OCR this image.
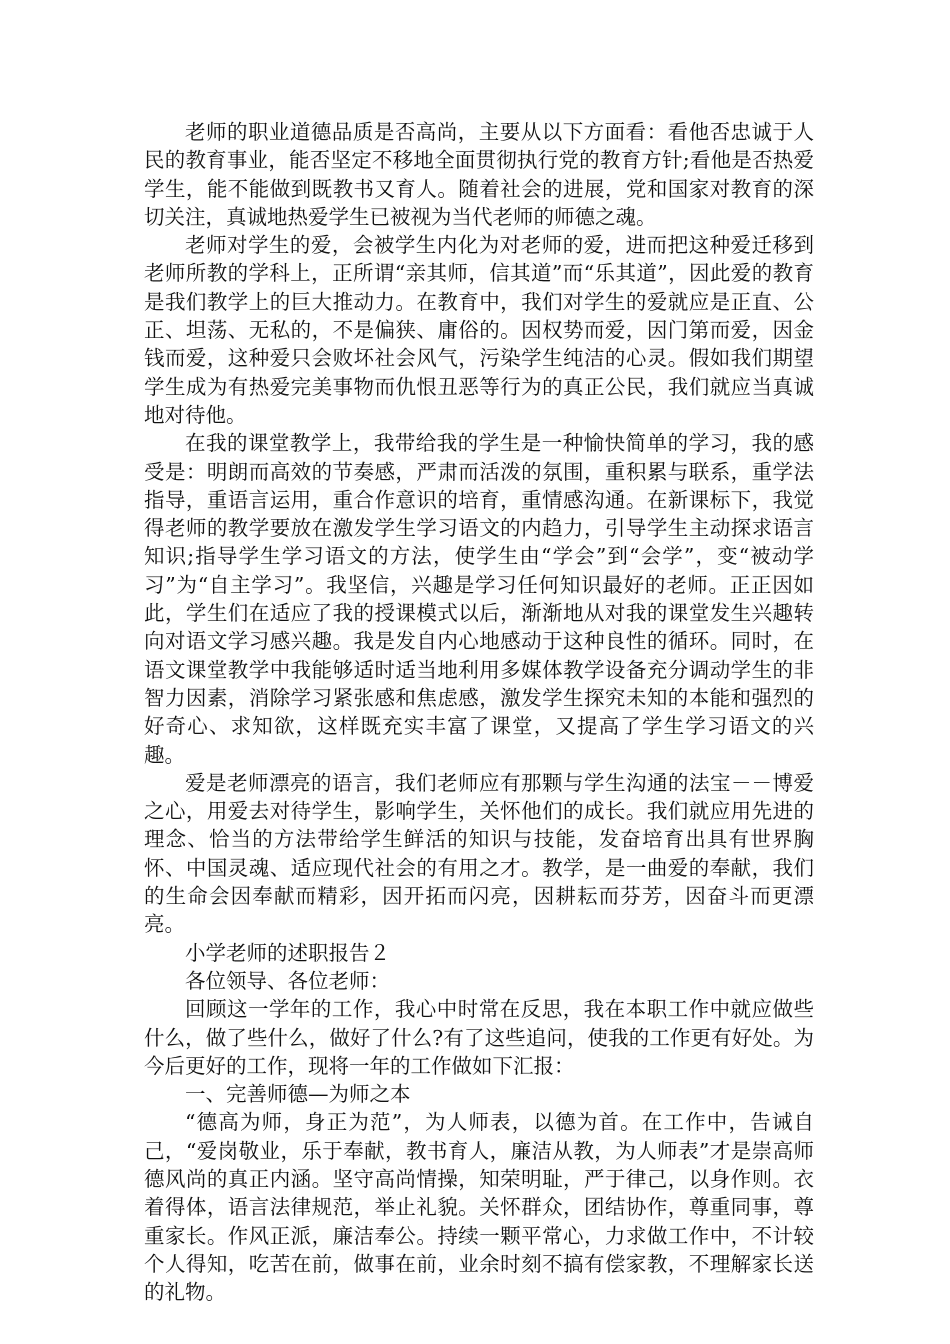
老师的职业道德品质是否高尚，主要从以下方面看：看他否忠诚于人民的教育事业，能否坚定不移地全面贯彻执行党的教育方针;看他是否热爱学生，能不能做到既教书又育人。随着社会的进展，党和国家对教育的深切关注，真诚地热爱学生已被视为当代老师的师德之魂。

老师对学生的爱，会被学生内化为对老师的爱，进而把这种爱迁移到老师所教的学科上，正所谓“亲其师，信其道”而“乐其道”，因此爱的教育是我们教学上的巨大推动力。在教育中，我们对学生的爱就应是正直、公正、坦荡、无私的，不是偏狭、庸俗的。因权势而爱，因门第而爱，因金钱而爱，这种爱只会败坏社会风气，污染学生纯洁的心灵。假如我们期望学生成为有热爱完美事物而仇恨丑恶等行为的真正公民，我们就应当真诚地对待他。

在我的课堂教学上，我带给我的学生是一种愉快简单的学习，我的感受是：明朗而高效的节奏感，严肃而活泼的氛围，重积累与联系，重学法指导，重语言运用，重合作意识的培育，重情感沟通。在新课标下，我觉得老师的教学要放在激发学生学习语文的内趋力，引导学生主动探求语言知识;指导学生学习语文的方法，使学生由“学会”到“会学”，变“被动学习”为“自主学习”。我坚信，兴趣是学习任何知识最好的老师。正正因如此，学生们在适应了我的授课模式以后，渐渐地从对我的课堂发生兴趣转向对语文学习感兴趣。我是发自内心地感动于这种良性的循环。同时，在语文课堂教学中我能够适时适当地利用多媒体教学设备充分调动学生的非智力因素，消除学习紧张感和焦虑感，激发学生探究未知的本能和强烈的好奇心、求知欲，这样既充实丰富了课堂，又提高了学生学习语文的兴趣。

爱是老师漂亮的语言，我们老师应有那颗与学生沟通的法宝－－博爱之心，用爱去对待学生，影响学生，关怀他们的成长。我们就应用先进的理念、恰当的方法带给学生鲜活的知识与技能，发奋培育出具有世界胸怀、中国灵魂、适应现代社会的有用之才。教学，是一曲爱的奉献，我们的生命会因奉献而精彩，因开拓而闪亮，因耕耘而芬芳，因奋斗而更漂亮。

小学老师的述职报告２

各位领导、各位老师：

回顾这一学年的工作，我心中时常在反思，我在本职工作中就应做些什么，做了些什么，做好了什么?有了这些追问，使我的工作更有好处。为今后更好的工作，现将一年的工作做如下汇报：

一、完善师德—为师之本

“德高为师，身正为范”，为人师表，以德为首。在工作中，告诫自己，“爱岗敬业，乐于奉献，教书育人，廉洁从教，为人师表”才是崇高师德风尚的真正内涵。坚守高尚情操，知荣明耻，严于律己，以身作则。衣着得体，语言法律规范，举止礼貌。关怀群众，团结协作，尊重同事，尊重家长。作风正派，廉洁奉公。持续一颗平常心，力求做工作中，不计较个人得知，吃苦在前，做事在前，业余时刻不搞有偿家教，不理解家长送的礼物。
